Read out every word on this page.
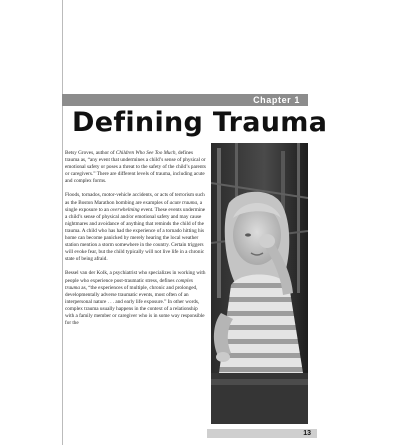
Chapter 1
Defining Trauma

Betsy Groves, author of Children Who See Too Much, defines trauma as, “any event that undermines a child’s sense of physical or emotional safety or poses a threat to the safety of the child’s parents or caregivers.” There are different levels of trauma, including acute and complex forms.

Floods, tornados, motor-vehicle accidents, or acts of terrorism such as the Boston Marathon bombing are examples of acute trauma, a single exposure to an overwhelming event. These events undermine a child’s sense of physical and/or emotional safety and may cause nightmares and avoidance of anything that reminds the child of the trauma. A child who has had the experience of a tornado hitting his home can become panicked by merely hearing the local weather station mention a storm somewhere in the country. Certain triggers will evoke fear, but the child typically will not live life in a chronic state of being afraid.

Bessel van der Kolk, a psychiatrist who specializes in working with people who experience post-traumatic stress, defines complex trauma as, “the experiences of multiple, chronic and prolonged, developmentally adverse traumatic events, most often of an interpersonal nature . . . and early life exposure.” In other words, complex trauma usually happens in the context of a relationship with a family member or caregiver who is in some way responsible for the

13
